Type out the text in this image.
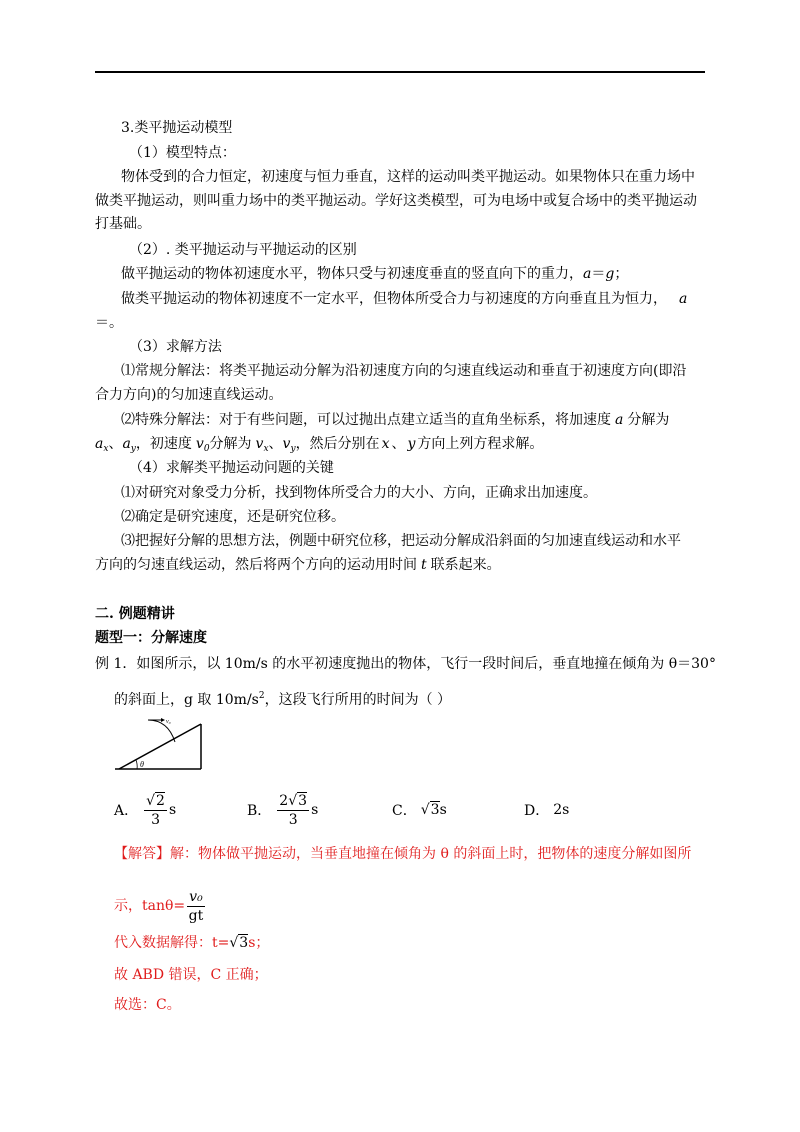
3.类平抛运动模型
（1）模型特点：
物体受到的合力恒定，初速度与恒力垂直，这样的运动叫类平抛运动。如果物体只在重力场中
做类平抛运动，则叫重力场中的类平抛运动。学好这类模型，可为电场中或复合场中的类平抛运动
打基础。
（2）. 类平抛运动与平抛运动的区别
做平抛运动的物体初速度水平，物体只受与初速度垂直的竖直向下的重力，a＝g；
做类平抛运动的物体初速度不一定水平，但物体所受合力与初速度的方向垂直且为恒力， a
＝。
（3）求解方法
⑴常规分解法：将类平抛运动分解为沿初速度方向的匀速直线运动和垂直于初速度方向(即沿
合力方向)的匀加速直线运动。
⑵特殊分解法：对于有些问题，可以过抛出点建立适当的直角坐标系，将加速度 a 分解为
$a_x$、$a_y$，初速度 $v_0$分解为 $v_x$、$v_y$，然后分别在 x 、 y 方向上列方程求解。
（4）求解类平抛运动问题的关键
⑴对研究对象受力分析，找到物体所受合力的大小、方向，正确求出加速度。
⑵确定是研究速度，还是研究位移。
⑶把握好分解的思想方法，例题中研究位移，把运动分解成沿斜面的匀加速直线运动和水平
方向的匀速直线运动，然后将两个方向的运动用时间 t 联系起来。
二. 例题精讲
题型一：分解速度
例 1．如图所示，以 10m/s 的水平初速度抛出的物体，飞行一段时间后，垂直地撞在倾角为 θ＝30°
的斜面上，g 取 $10m/s^2$，这段飞行所用的时间为（ ）
v₀
θ
A． $\frac{√2}{3}$ s	B． $\frac{2√3}{3}$ s	C． √3 s	D． 2s
【解答】解：物体做平抛运动，当垂直地撞在倾角为 θ 的斜面上时，把物体的速度分解如图所
示，$\tan\theta= \frac{\text{v₀}}{gt}$
代入数据解得：t=√3s；
故 ABD 错误，C 正确；
故选：C。
